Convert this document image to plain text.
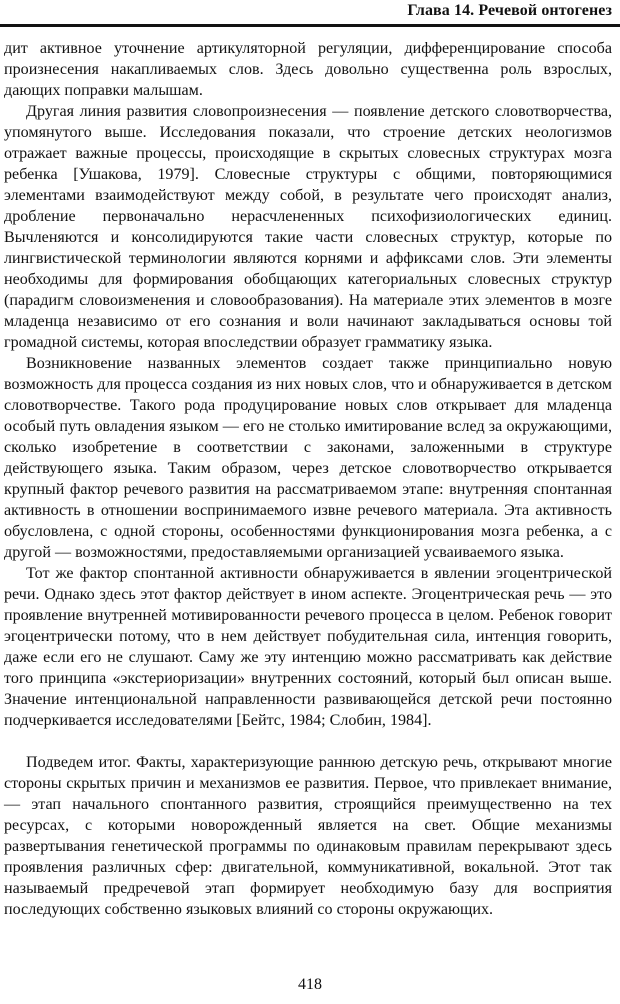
Глава 14. Речевой онтогенез

дит активное уточнение артикуляторной регуляции, дифференцирование способа произнесения накапливаемых слов. Здесь довольно существенна роль взрослых, дающих поправки малышам.

Другая линия развития словопроизнесения — появление детского словотворчества, упомянутого выше. Исследования показали, что строение детских неологизмов отражает важные процессы, происходящие в скрытых словесных структурах мозга ребенка [Ушакова, 1979]. Словесные структуры с общими, повторяющимися элементами взаимодействуют между собой, в результате чего происходят анализ, дробление первоначально нерасчлененных психофизиологических единиц. Вычленяются и консолидируются такие части словесных структур, которые по лингвистической терминологии являются корнями и аффиксами слов. Эти элементы необходимы для формирования обобщающих категориальных словесных структур (парадигм словоизменения и словообразования). На материале этих элементов в мозге младенца независимо от его сознания и воли начинают закладываться основы той громадной системы, которая впоследствии образует грамматику языка.

Возникновение названных элементов создает также принципиально новую возможность для процесса создания из них новых слов, что и обнаруживается в детском словотворчестве. Такого рода продуцирование новых слов открывает для младенца особый путь овладения языком — его не столько имитирование вслед за окружающими, сколько изобретение в соответствии с законами, заложенными в структуре действующего языка. Таким образом, через детское словотворчество открывается крупный фактор речевого развития на рассматриваемом этапе: внутренняя спонтанная активность в отношении воспринимаемого извне речевого материала. Эта активность обусловлена, с одной стороны, особенностями функционирования мозга ребенка, а с другой — возможностями, предоставляемыми организацией усваиваемого языка.

Тот же фактор спонтанной активности обнаруживается в явлении эгоцентрической речи. Однако здесь этот фактор действует в ином аспекте. Эгоцентрическая речь — это проявление внутренней мотивированности речевого процесса в целом. Ребенок говорит эгоцентрически потому, что в нем действует побудительная сила, интенция говорить, даже если его не слушают. Саму же эту интенцию можно рассматривать как действие того принципа «экстериоризации» внутренних состояний, который был описан выше. Значение интенциональной направленности развивающейся детской речи постоянно подчеркивается исследователями [Бейтс, 1984; Слобин, 1984].

Подведем итог. Факты, характеризующие раннюю детскую речь, открывают многие стороны скрытых причин и механизмов ее развития. Первое, что привлекает внимание, — этап начального спонтанного развития, строящийся преимущественно на тех ресурсах, с которыми новорожденный является на свет. Общие механизмы развертывания генетической программы по одинаковым правилам перекрывают здесь проявления различных сфер: двигательной, коммуникативной, вокальной. Этот так называемый предречевой этап формирует необходимую базу для восприятия последующих собственно языковых влияний со стороны окружающих.

418
